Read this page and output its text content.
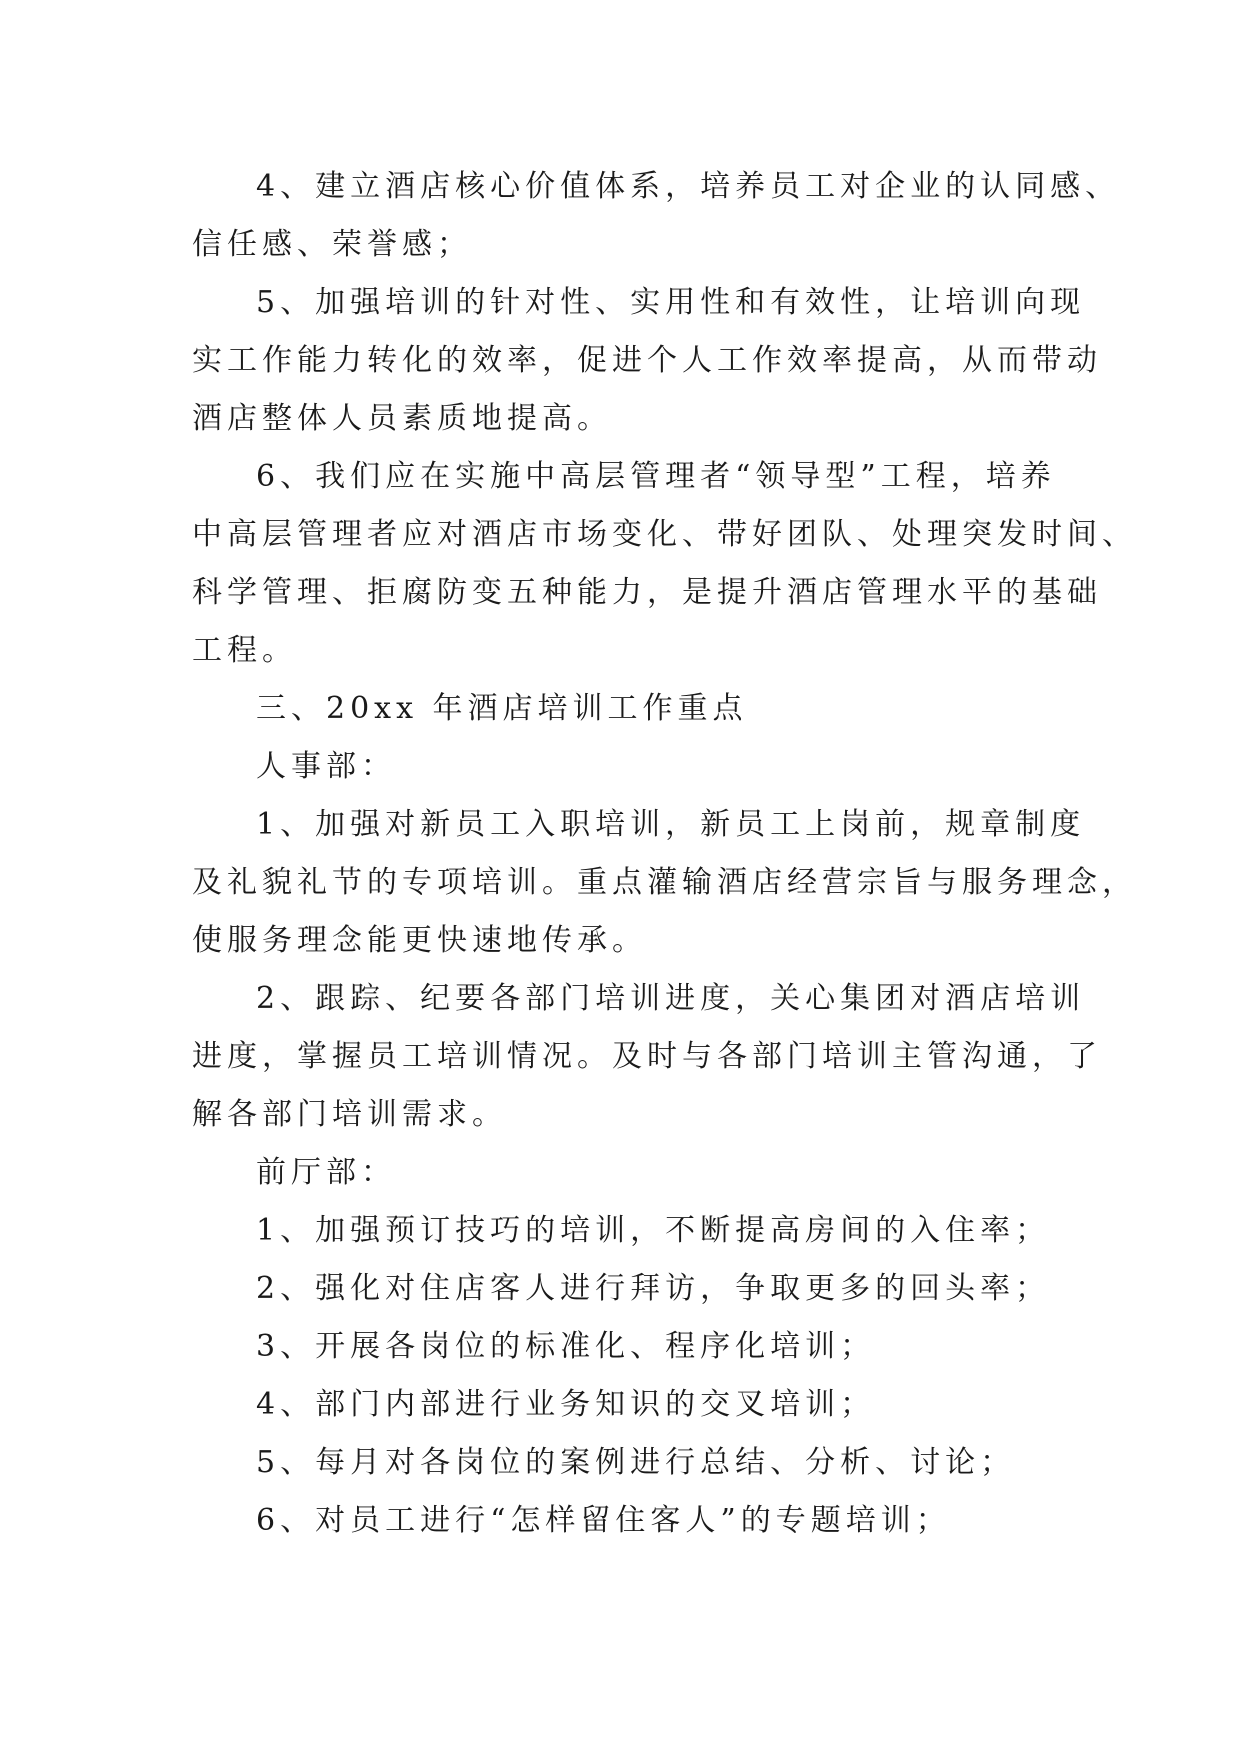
4、建立酒店核心价值体系，培养员工对企业的认同感、
信任感、荣誉感；

5、加强培训的针对性、实用性和有效性，让培训向现
实工作能力转化的效率，促进个人工作效率提高，从而带动
酒店整体人员素质地提高。

6、我们应在实施中高层管理者“领导型”工程，培养
中高层管理者应对酒店市场变化、带好团队、处理突发时间、
科学管理、拒腐防变五种能力，是提升酒店管理水平的基础
工程。

三、20xx 年酒店培训工作重点

人事部：

1、加强对新员工入职培训，新员工上岗前，规章制度
及礼貌礼节的专项培训。重点灌输酒店经营宗旨与服务理念，
使服务理念能更快速地传承。

2、跟踪、纪要各部门培训进度，关心集团对酒店培训
进度，掌握员工培训情况。及时与各部门培训主管沟通，了
解各部门培训需求。

前厅部：

1、加强预订技巧的培训，不断提高房间的入住率；

2、强化对住店客人进行拜访，争取更多的回头率；

3、开展各岗位的标准化、程序化培训；

4、部门内部进行业务知识的交叉培训；

5、每月对各岗位的案例进行总结、分析、讨论；

6、对员工进行“怎样留住客人”的专题培训；
